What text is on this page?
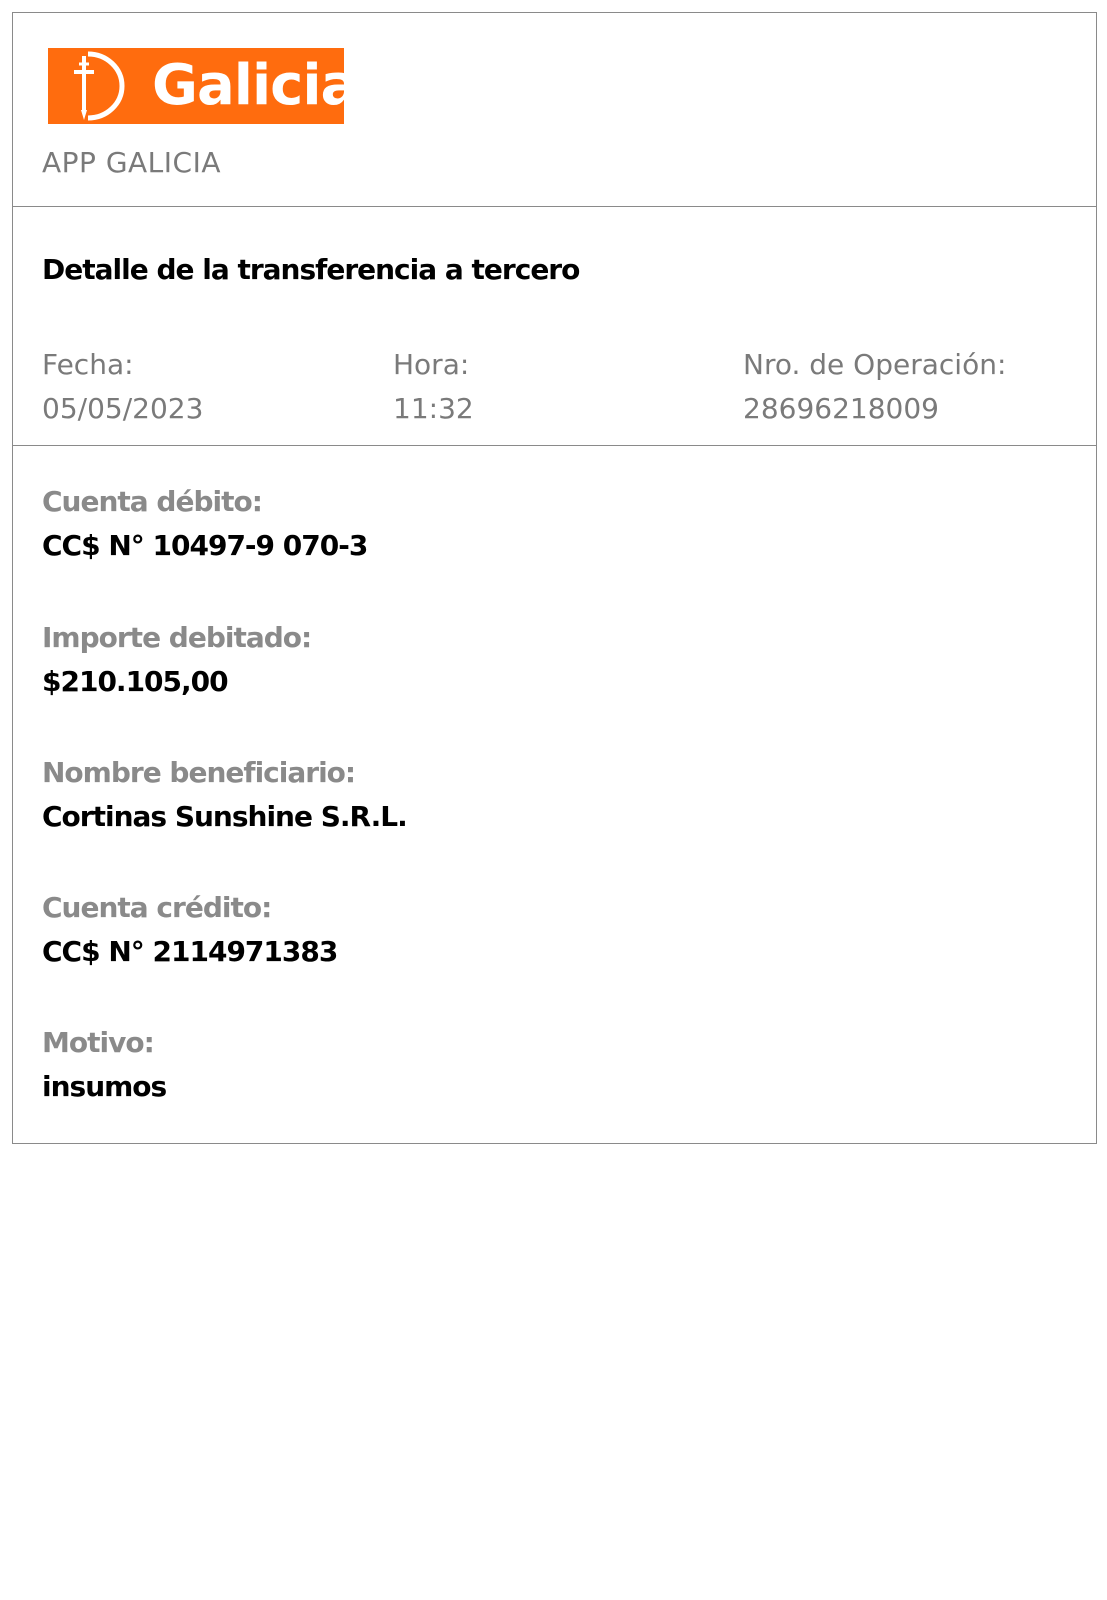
Galicia
APP GALICIA
Detalle de la transferencia a tercero
Fecha:
05/05/2023
Hora:
11:32
Nro. de Operación:
28696218009
Cuenta débito:
CC$ N° 10497-9 070-3
Importe debitado:
$210.105,00
Nombre beneficiario:
Cortinas Sunshine S.R.L.
Cuenta crédito:
CC$ N° 2114971383
Motivo:
insumos
